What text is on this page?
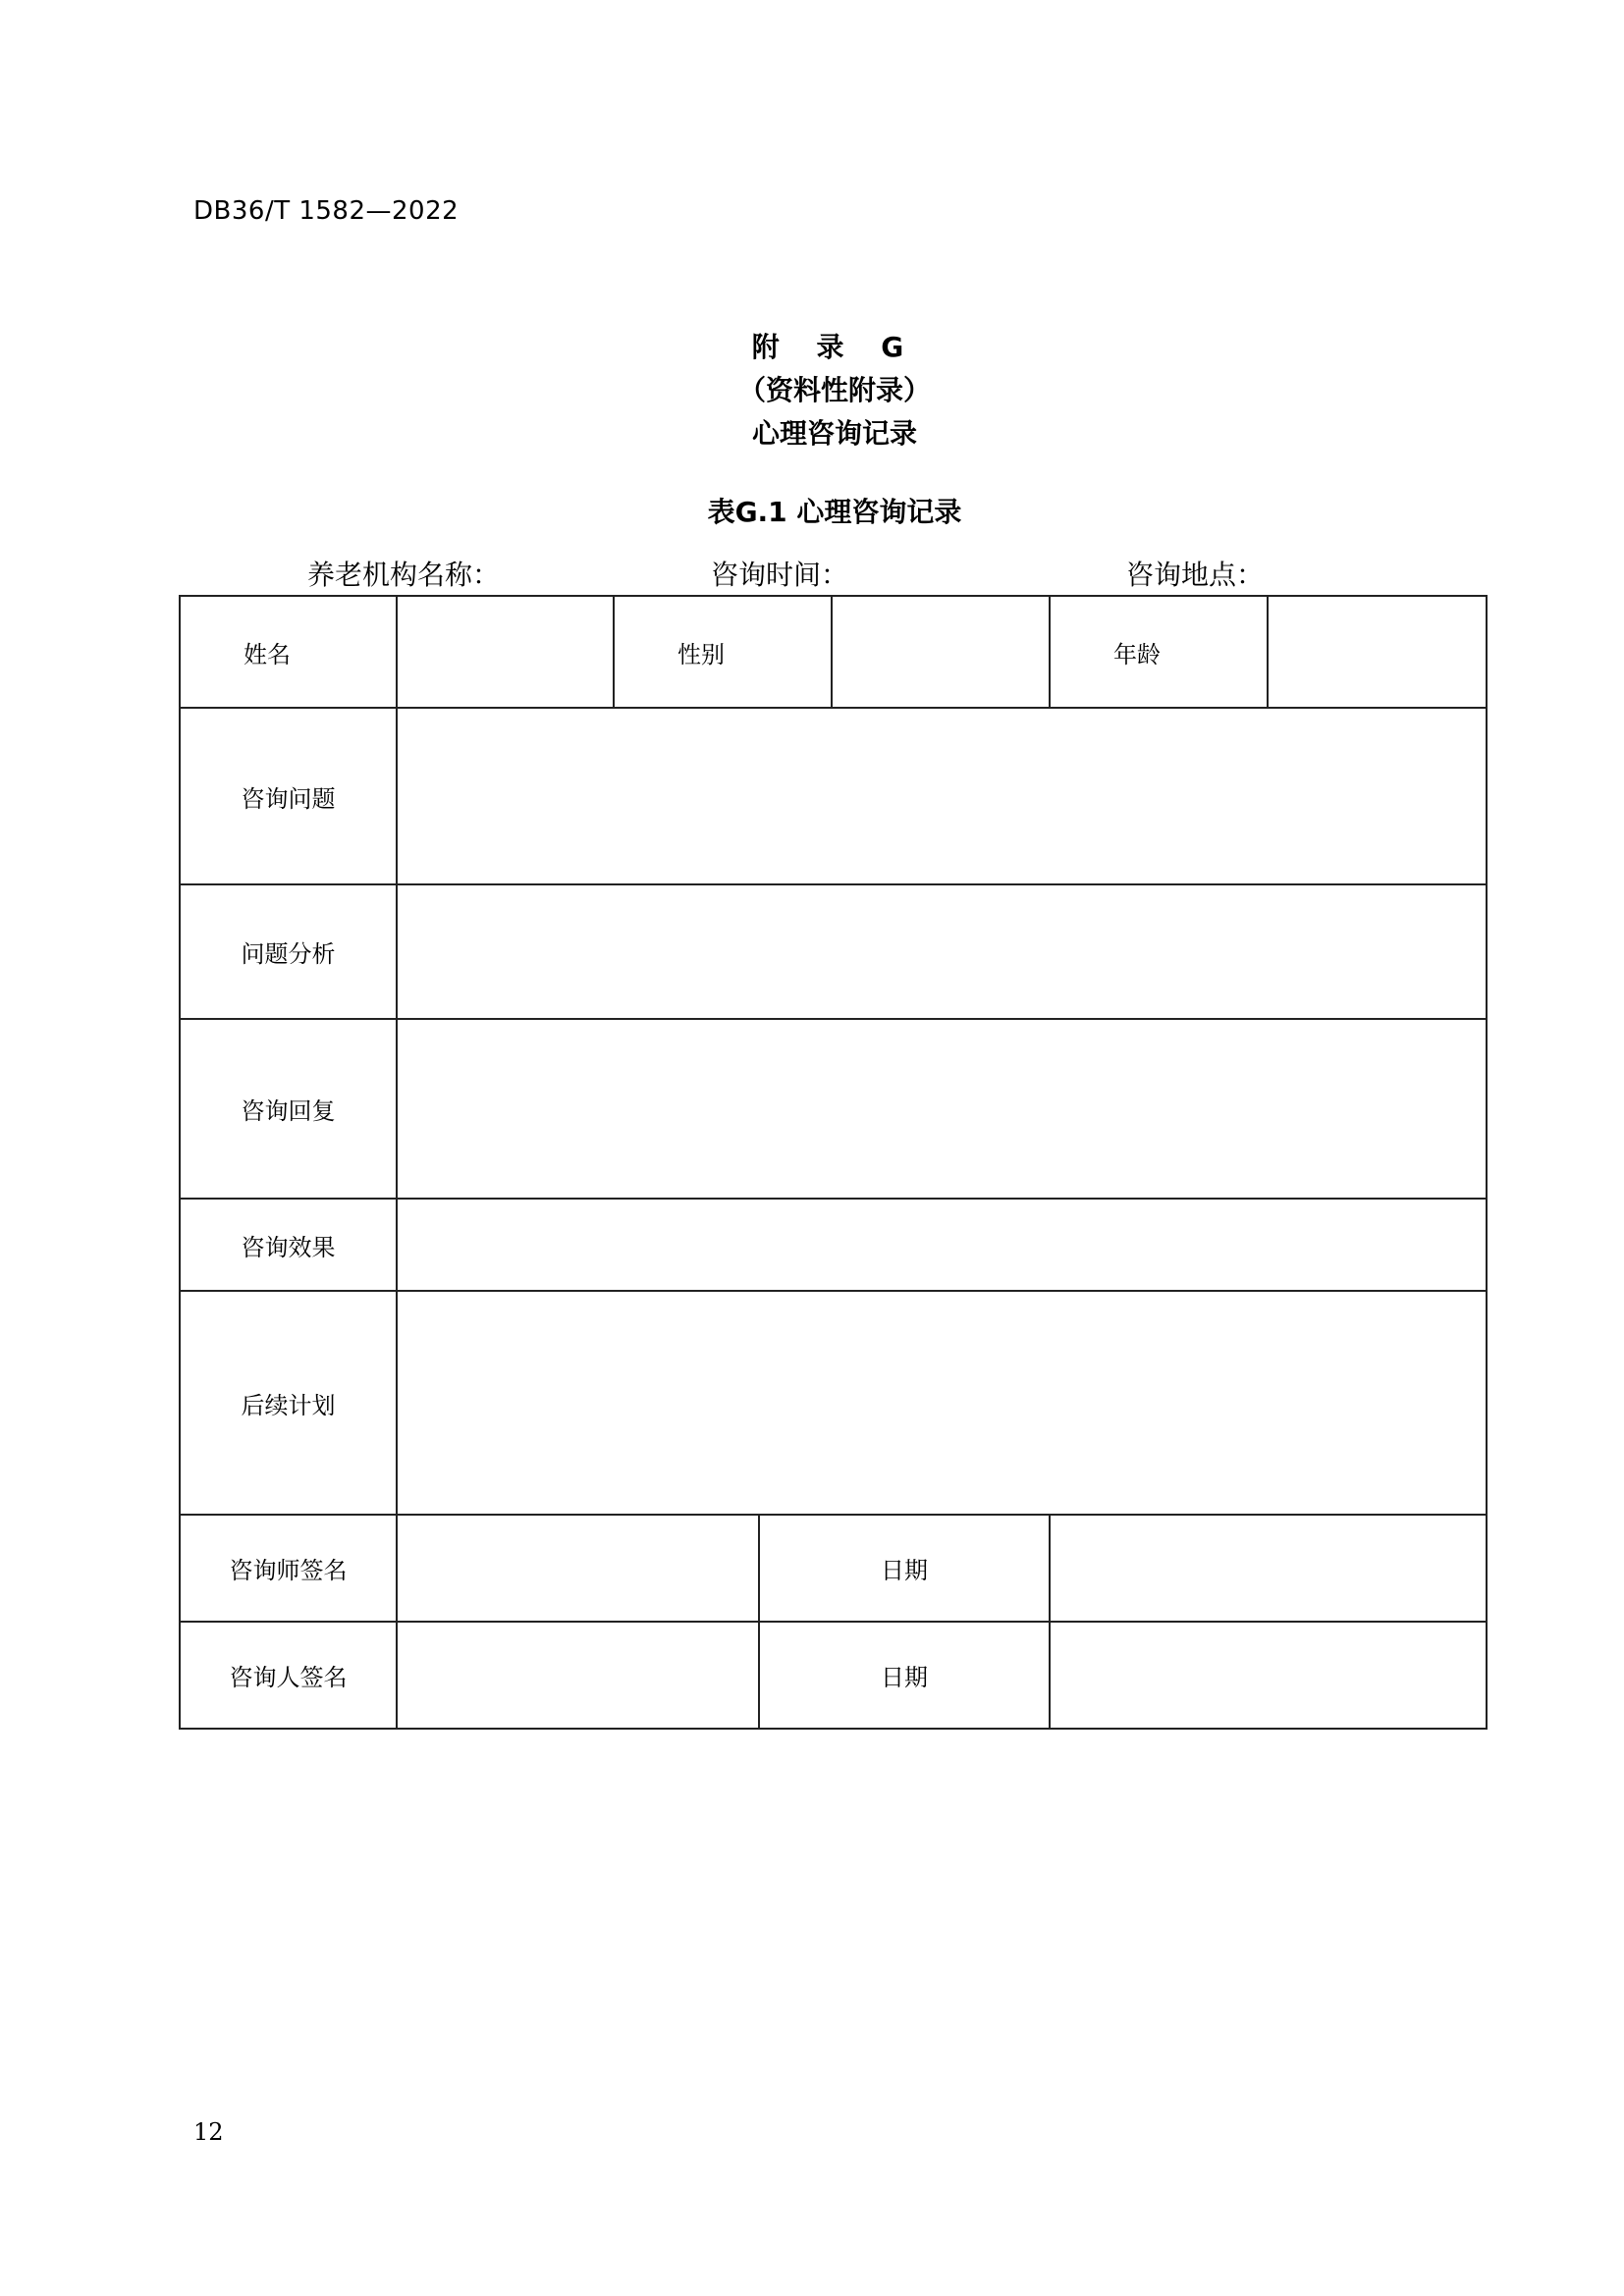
DB36/T 1582—2022
附 录 G
（资料性附录）
心理咨询记录
表G.1 心理咨询记录
养老机构名称：	咨询时间：	咨询地点：
姓名		性别			年龄	
咨询问题						
问题分析						
咨询回复						
咨询效果						
后续计划						
咨询师签名			日期			
咨询人签名			日期			
12
